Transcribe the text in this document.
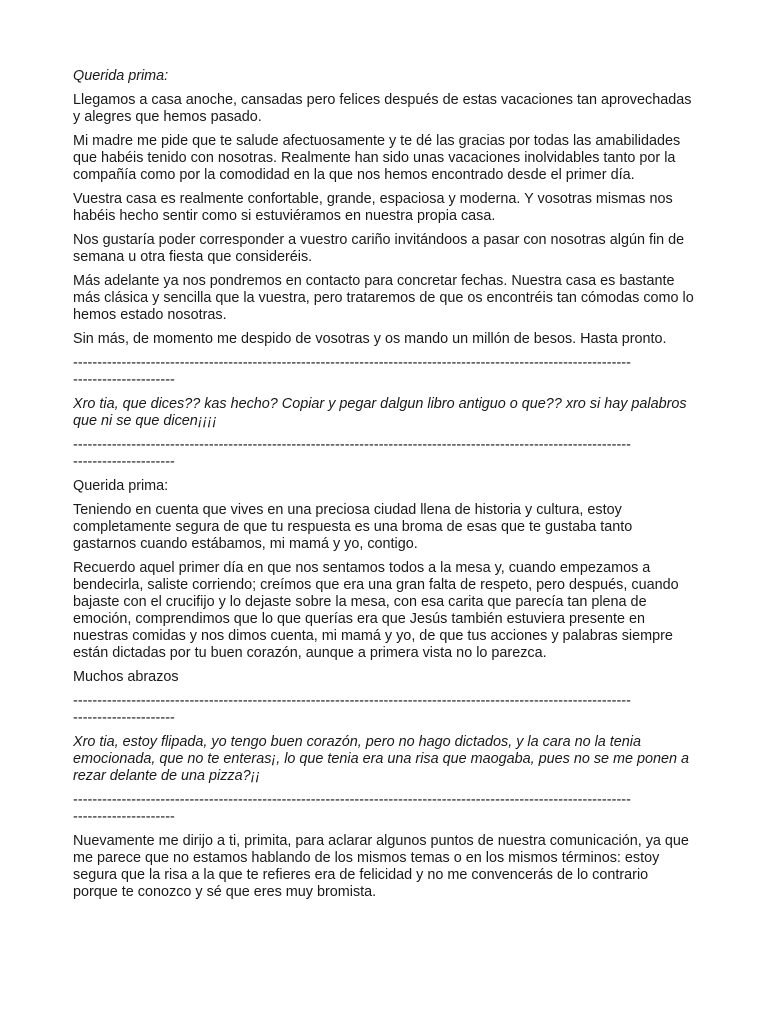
Querida prima:

Llegamos a casa anoche, cansadas pero felices después de estas vacaciones tan aprovechadas y alegres que hemos pasado.

Mi madre me pide que te salude afectuosamente y te dé las gracias por todas las amabilidades que habéis tenido con nosotras. Realmente han sido unas vacaciones inolvidables tanto por la compañía como por la comodidad en la que nos hemos encontrado desde el primer día.

Vuestra casa es realmente confortable, grande, espaciosa y moderna. Y vosotras mismas nos habéis hecho sentir como si estuviéramos en nuestra propia casa.

Nos gustaría poder corresponder a vuestro cariño invitándoos a pasar con nosotras algún fin de semana u otra fiesta que consideréis.

Más adelante ya nos pondremos en contacto para concretar fechas. Nuestra casa es bastante más clásica y sencilla que la vuestra, pero trataremos de que os encontréis tan cómodas como lo hemos estado nosotras.

Sin más, de momento me despido de vosotras y os mando un millón de besos. Hasta pronto.

-------------------------------------------------------------------------------------------------------------------
---------------------

Xro tia, que dices?? kas hecho? Copiar y pegar dalgun libro antiguo o que?? xro si hay palabros que ni se que dicen¡¡¡¡

-------------------------------------------------------------------------------------------------------------------
---------------------

Querida prima:

Teniendo en cuenta que vives en una preciosa ciudad llena de historia y cultura, estoy completamente segura de que tu respuesta es una broma de esas que te gustaba tanto gastarnos cuando estábamos, mi mamá y yo, contigo.

Recuerdo aquel primer día en que nos sentamos todos a la mesa y, cuando empezamos a bendecirla, saliste corriendo; creímos que era una gran falta de respeto, pero después, cuando bajaste con el crucifijo y lo dejaste sobre la mesa, con esa carita que parecía tan plena de emoción, comprendimos que lo que querías era que Jesús también estuviera presente en nuestras comidas y nos dimos cuenta, mi mamá y yo, de que tus acciones y palabras siempre están dictadas por tu buen corazón, aunque a primera vista no lo parezca.

Muchos abrazos

-------------------------------------------------------------------------------------------------------------------
---------------------

Xro tia, estoy flipada, yo tengo buen corazón, pero no hago dictados, y la cara no la tenia emocionada, que no te enteras¡, lo que tenia era una risa que maogaba, pues no se me ponen a rezar delante de una pizza?¡¡

-------------------------------------------------------------------------------------------------------------------
---------------------

Nuevamente me dirijo a ti, primita, para aclarar algunos puntos de nuestra comunicación, ya que me parece que no estamos hablando de los mismos temas o en los mismos términos: estoy segura que la risa a la que te refieres era de felicidad y no me convencerás de lo contrario porque te conozco y sé que eres muy bromista.
